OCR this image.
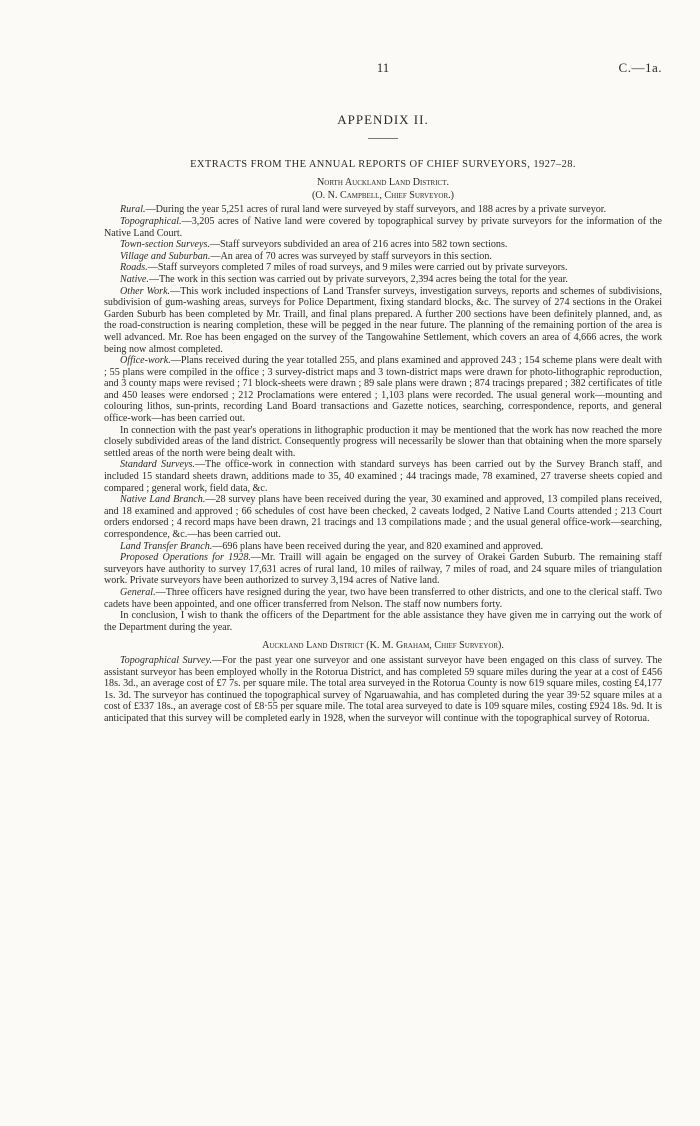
11	C.—1a.
APPENDIX II.
EXTRACTS FROM THE ANNUAL REPORTS OF CHIEF SURVEYORS, 1927–28.

North Auckland Land District.

(O. N. Campbell, Chief Surveyor.)

Rural.—During the year 5,251 acres of rural land were surveyed by staff surveyors, and 188 acres by a private surveyor.

Topographical.—3,205 acres of Native land were covered by topographical survey by private surveyors for the information of the Native Land Court.

Town-section Surveys.—Staff surveyors subdivided an area of 216 acres into 582 town sections.

Village and Suburban.—An area of 70 acres was surveyed by staff surveyors in this section.

Roads.—Staff surveyors completed 7 miles of road surveys, and 9 miles were carried out by private surveyors.

Native.—The work in this section was carried out by private surveyors, 2,394 acres being the total for the year.

Other Work.—This work included inspections of Land Transfer surveys, investigation surveys, reports and schemes of subdivisions, subdivision of gum-washing areas, surveys for Police Department, fixing standard blocks, &c. The survey of 274 sections in the Orakei Garden Suburb has been completed by Mr. Traill, and final plans prepared. A further 200 sections have been definitely planned, and, as the road-construction is nearing completion, these will be pegged in the near future. The planning of the remaining portion of the area is well advanced. Mr. Roe has been engaged on the survey of the Tangowahine Settlement, which covers an area of 4,666 acres, the work being now almost completed.

Office-work.—Plans received during the year totalled 255, and plans examined and approved 243 ; 154 scheme plans were dealt with ; 55 plans were compiled in the office ; 3 survey-district maps and 3 town-district maps were drawn for photo-lithographic reproduction, and 3 county maps were revised ; 71 block-sheets were drawn ; 89 sale plans were drawn ; 874 tracings prepared ; 382 certificates of title and 450 leases were endorsed ; 212 Proclamations were entered ; 1,103 plans were recorded. The usual general work—mounting and colouring lithos, sun-prints, recording Land Board transactions and Gazette notices, searching, correspondence, reports, and general office-work—has been carried out.

In connection with the past year's operations in lithographic production it may be mentioned that the work has now reached the more closely subdivided areas of the land district. Consequently progress will necessarily be slower than that obtaining when the more sparsely settled areas of the north were being dealt with.

Standard Surveys.—The office-work in connection with standard surveys has been carried out by the Survey Branch staff, and included 15 standard sheets drawn, additions made to 35, 40 examined ; 44 tracings made, 78 examined, 27 traverse sheets copied and compared ; general work, field data, &c.

Native Land Branch.—28 survey plans have been received during the year, 30 examined and approved, 13 compiled plans received, and 18 examined and approved ; 66 schedules of cost have been checked, 2 caveats lodged, 2 Native Land Courts attended ; 213 Court orders endorsed ; 4 record maps have been drawn, 21 tracings and 13 compilations made ; and the usual general office-work—searching, correspondence, &c.—has been carried out.

Land Transfer Branch.—696 plans have been received during the year, and 820 examined and approved.

Proposed Operations for 1928.—Mr. Traill will again be engaged on the survey of Orakei Garden Suburb. The remaining staff surveyors have authority to survey 17,631 acres of rural land, 10 miles of railway, 7 miles of road, and 24 square miles of triangulation work. Private surveyors have been authorized to survey 3,194 acres of Native land.

General.—Three officers have resigned during the year, two have been transferred to other districts, and one to the clerical staff. Two cadets have been appointed, and one officer transferred from Nelson. The staff now numbers forty.

In conclusion, I wish to thank the officers of the Department for the able assistance they have given me in carrying out the work of the Department during the year.

Auckland Land District (K. M. Graham, Chief Surveyor).

Topographical Survey.—For the past year one surveyor and one assistant surveyor have been engaged on this class of survey. The assistant surveyor has been employed wholly in the Rotorua District, and has completed 59 square miles during the year at a cost of £456 18s. 3d., an average cost of £7 7s. per square mile. The total area surveyed in the Rotorua County is now 619 square miles, costing £4,177 1s. 3d. The surveyor has continued the topographical survey of Ngaruawahia, and has completed during the year 39·52 square miles at a cost of £337 18s., an average cost of £8·55 per square mile. The total area surveyed to date is 109 square miles, costing £924 18s. 9d. It is anticipated that this survey will be completed early in 1928, when the surveyor will continue with the topographical survey of Rotorua.
